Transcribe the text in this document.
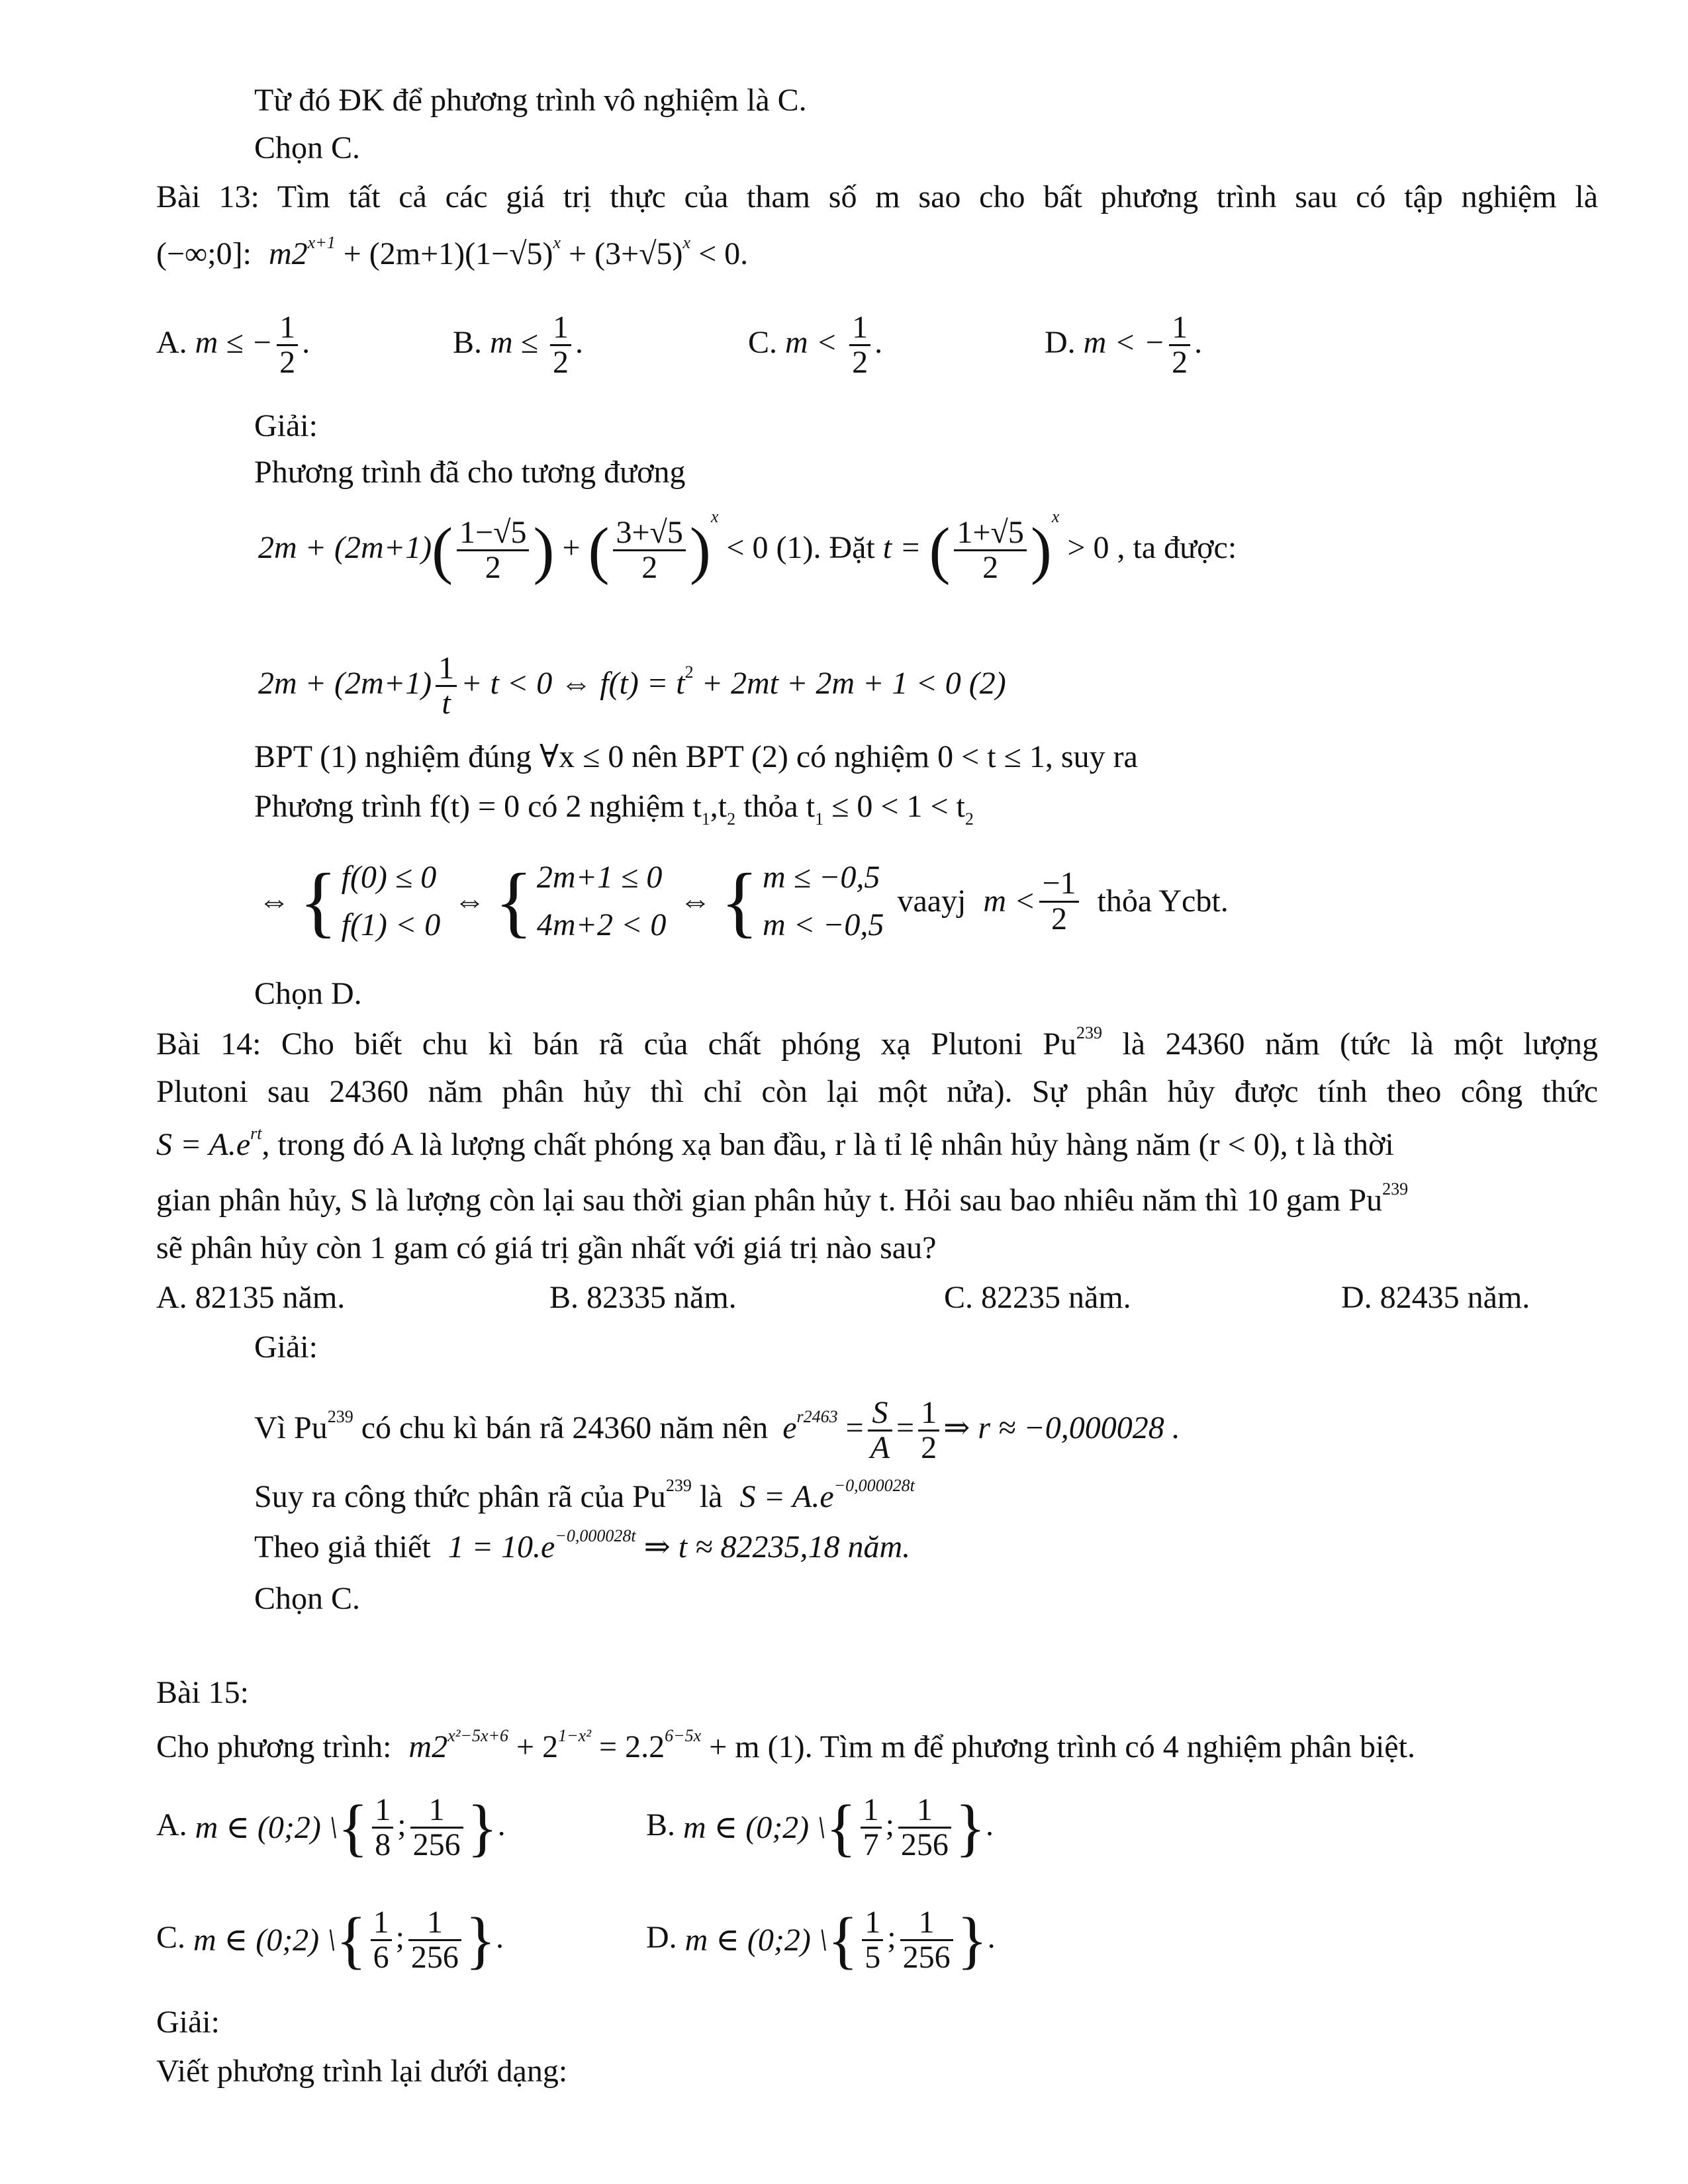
Từ đó ĐK để phương trình vô nghiệm là C.
Chọn C.
Bài 13: Tìm tất cả các giá trị thực của tham số m sao cho bất phương trình sau có tập nghiệm là
(−∞;0]: $m2^{x+1} + (2m+1)(1-√5)^x + (3+√5)^x < 0$.
A. m ≤ − $\frac{1}{2}$ .	B. $m \le \frac{1}{2}$ .	C. $m < \frac{1}{2}$ .	D. m < − $\frac{1}{2}$ .
Giải:
Phương trình đã cho tương đương
$2m + (2m+1)( \frac{1-√5}{2}$ ) + ( $\frac{3+√5}{2} )^x < 0$ (1). Đặt t = ( $\frac{1+√5}{2} )^x > 0$ , ta được:
$2m + (2m+1) \frac{1}{t} + t < 0$ ⇔ $f(t) = t^2 + 2mt + 2m + 1 < 0$ (2)
BPT (1) nghiệm đúng ∀x ≤ 0 nên BPT (2) có nghiệm 0 < t ≤ 1, suy ra
Phương trình f(t) = 0 có 2 nghiệm $t_1,t_2$ thỏa $t_1 \le 0 < 1 < t_2$
⇔ { f(0) ≤ 0
f(1) < 0
⇔ { 2m+1 ≤ 0
4m+2 < 0
⇔ { m ≤ −0,5
m < −0,5
vaayj $m < \frac{-1}{2}$ thỏa Ycbt.
Chọn D.
Bài 14: Cho biết chu kì bán rã của chất phóng xạ Plutoni Pu$^{239}$ là 24360 năm (tức là một lượng
Plutoni sau 24360 năm phân hủy thì chỉ còn lại một nửa). Sự phân hủy được tính theo công thức
$S = A.e^{rt}$, trong đó A là lượng chất phóng xạ ban đầu, r là tỉ lệ nhân hủy hàng năm (r < 0), t là thời
gian phân hủy, S là lượng còn lại sau thời gian phân hủy t. Hỏi sau bao nhiêu năm thì 10 gam Pu$^{239}$
sẽ phân hủy còn 1 gam có giá trị gần nhất với giá trị nào sau?
A. 82135 năm.	B. 82335 năm.	C. 82235 năm.	D. 82435 năm.
Giải:
Vì Pu$^{239}$ có chu kì bán rã 24360 năm nên $e^{r2463} = \frac{S}{A} = \frac{1}{2}$ ⇒ r ≈ −0,000028 .
Suy ra công thức phân rã của Pu$^{239}$ là $S = A.e^{-0,000028t}$
Theo giả thiết $1 = 10.e^{-0,000028t}$ ⇒ t ≈ 82235,18 năm.
Chọn C.
Bài 15:
Cho phương trình: $m2^{x^2-5x+6} + 2^{1-x^2} = 2.2^{6-5x} + m$ (1). Tìm m để phương trình có 4 nghiệm phân biệt.
A. m ∈ (0;2) \{ $\frac{1}{8}$ ; $\frac{1}{256}$ }.	B. m ∈ (0;2) \{ $\frac{1}{7}$ ; $\frac{1}{256}$ }.
C. m ∈ (0;2) \{ $\frac{1}{6}$ ; $\frac{1}{256}$ }.	D. m ∈ (0;2) \{ $\frac{1}{5}$ ; $\frac{1}{256}$ }.
Giải:
Viết phương trình lại dưới dạng:
